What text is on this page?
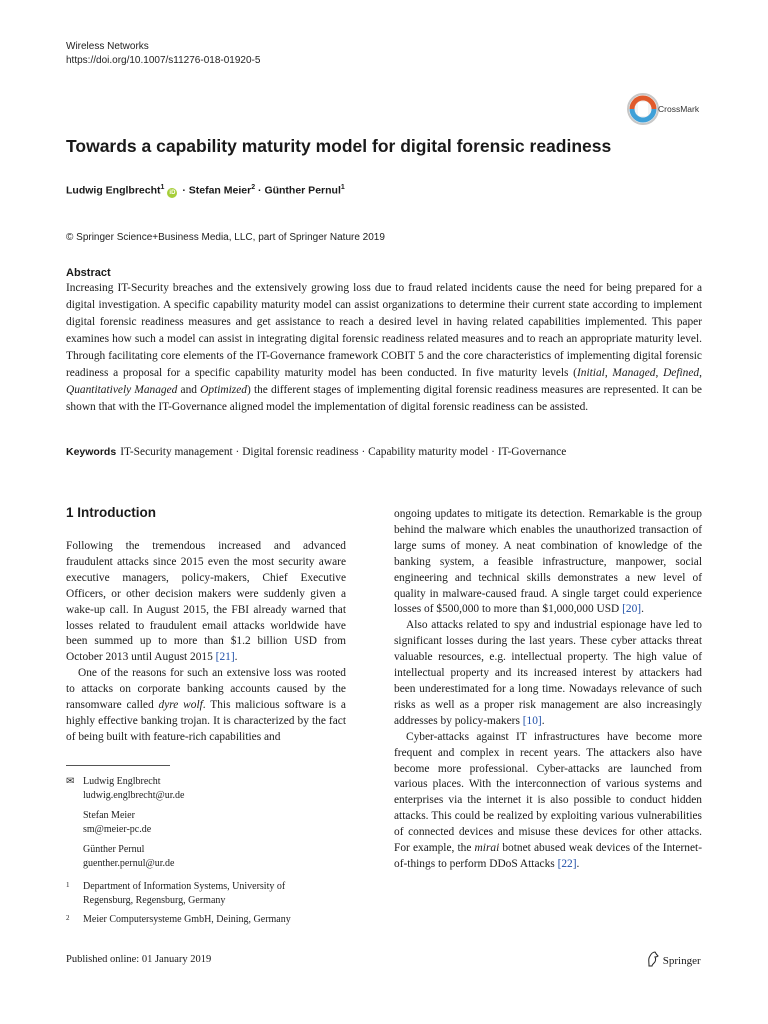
Wireless Networks
https://doi.org/10.1007/s11276-018-01920-5
CrossMark
Towards a capability maturity model for digital forensic readiness
Ludwig Englbrecht$^1$iD · Stefan Meier$^2$ · Günther Pernul$^1$
© Springer Science+Business Media, LLC, part of Springer Nature 2019
Abstract
Increasing IT-Security breaches and the extensively growing loss due to fraud related incidents cause the need for being prepared for a digital investigation. A specific capability maturity model can assist organizations to determine their current state according to implement digital forensic readiness measures and get assistance to reach a desired level in having related capabilities implemented. This paper examines how such a model can assist in integrating digital forensic readiness related measures and to reach an appropriate maturity level. Through facilitating core elements of the IT-Governance framework COBIT 5 and the core characteristics of implementing digital forensic readiness a proposal for a specific capability maturity model has been conducted. In five maturity levels (Initial, Managed, Defined, Quantitatively Managed and Optimized) the different stages of implementing digital forensic readiness measures are represented. It can be shown that with the IT-Governance aligned model the implementation of digital forensic readiness can be assisted.
Keywords IT-Security management · Digital forensic readiness · Capability maturity model · IT-Governance
1 Introduction

Following the tremendous increased and advanced fraudulent attacks since 2015 even the most security aware executive managers, policy-makers, Chief Executive Officers, or other decision makers were suddenly given a wake-up call. In August 2015, the FBI already warned that losses related to fraudulent email attacks worldwide have been summed up to more than $1.2 billion USD from October 2013 until August 2015 [21].

One of the reasons for such an extensive loss was rooted to attacks on corporate banking accounts caused by the ransomware called dyre wolf. This malicious software is a highly effective banking trojan. It is characterized by the fact of being built with feature-rich capabilities and

ongoing updates to mitigate its detection. Remarkable is the group behind the malware which enables the unauthorized transaction of large sums of money. A neat combination of knowledge of the banking system, a feasible infrastructure, manpower, social engineering and technical skills demonstrates a new level of quality in malware-caused fraud. A single target could experience losses of $500,000 to more than $1,000,000 USD [20].

Also attacks related to spy and industrial espionage have led to significant losses during the last years. These cyber attacks threat valuable resources, e.g. intellectual property. The high value of intellectual property and its increased interest by attackers had been underestimated for a long time. Nowadays relevance of such risks as well as a proper risk management are also increasingly addresses by policy-makers [10].

Cyber-attacks against IT infrastructures have become more frequent and complex in recent years. The attackers also have become more professional. Cyber-attacks are launched from various places. With the interconnection of various systems and enterprises via the internet it is also possible to conduct hidden attacks. This could be realized by exploiting various vulnerabilities of connected devices and misuse these devices for other attacks. For example, the mirai botnet abused weak devices of the Internet-of-things to perform DDoS Attacks [22].

✉ Ludwig Englbrecht
ludwig.englbrecht@ur.de
Stefan Meier
sm@meier-pc.de
Günther Pernul
guenther.pernul@ur.de
1 Department of Information Systems, University of
Regensburg, Regensburg, Germany
2 Meier Computersysteme GmbH, Deining, Germany
Published online: 01 January 2019	Springer
